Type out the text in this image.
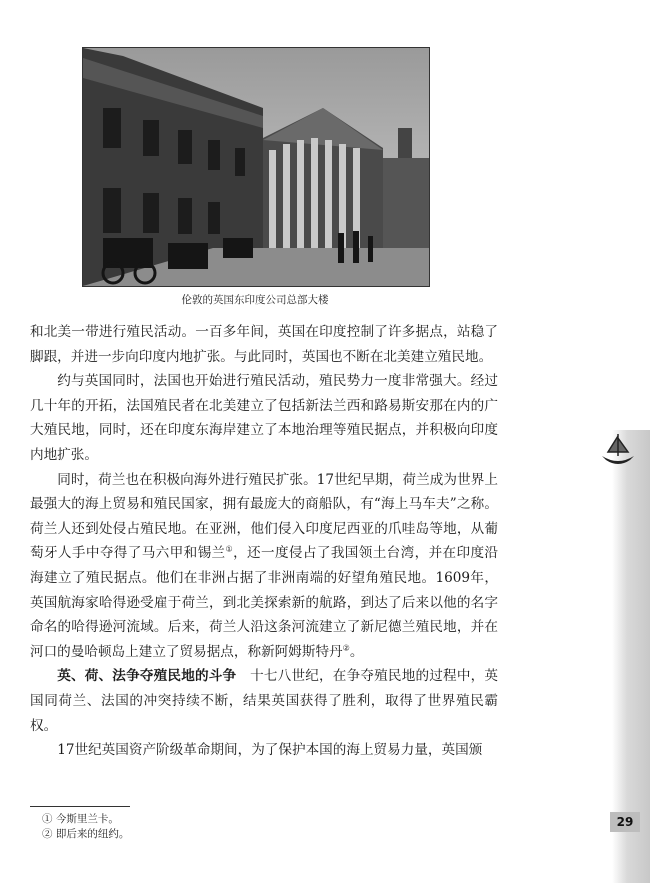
伦敦的英国东印度公司总部大楼

和北美一带进行殖民活动。一百多年间，英国在印度控制了许多据点，站稳了脚跟，并进一步向印度内地扩张。与此同时，英国也不断在北美建立殖民地。

约与英国同时，法国也开始进行殖民活动，殖民势力一度非常强大。经过几十年的开拓，法国殖民者在北美建立了包括新法兰西和路易斯安那在内的广大殖民地，同时，还在印度东海岸建立了本地治理等殖民据点，并积极向印度内地扩张。

同时，荷兰也在积极向海外进行殖民扩张。17世纪早期，荷兰成为世界上最强大的海上贸易和殖民国家，拥有最庞大的商船队，有“海上马车夫”之称。荷兰人还到处侵占殖民地。在亚洲，他们侵入印度尼西亚的爪哇岛等地，从葡萄牙人手中夺得了马六甲和锡兰①，还一度侵占了我国领土台湾，并在印度沿海建立了殖民据点。他们在非洲占据了非洲南端的好望角殖民地。1609年，英国航海家哈得逊受雇于荷兰，到北美探索新的航路，到达了后来以他的名字命名的哈得逊河流域。后来，荷兰人沿这条河流建立了新尼德兰殖民地，并在河口的曼哈顿岛上建立了贸易据点，称新阿姆斯特丹②。

英、荷、法争夺殖民地的斗争　十七八世纪，在争夺殖民地的过程中，英国同荷兰、法国的冲突持续不断，结果英国获得了胜利，取得了世界殖民霸权。

17世纪英国资产阶级革命期间，为了保护本国的海上贸易力量，英国颁

① 今斯里兰卡。
② 即后来的纽约。
29
